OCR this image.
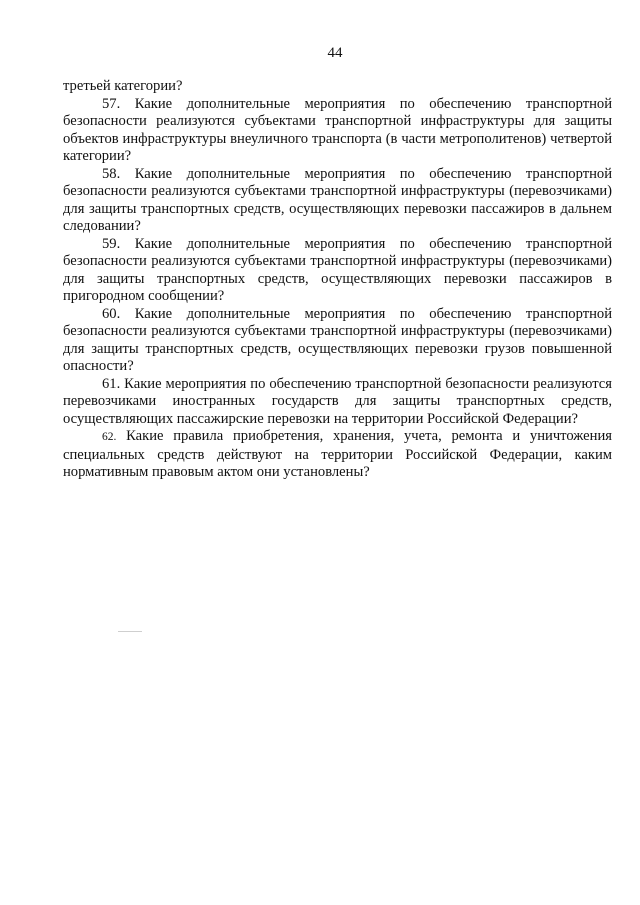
44

третьей категории?

57. Какие дополнительные мероприятия по обеспечению транспортной безопасности реализуются субъектами транспортной инфраструктуры для защиты объектов инфраструктуры внеуличного транспорта (в части метрополитенов) четвертой категории?

58. Какие дополнительные мероприятия по обеспечению транспортной безопасности реализуются субъектами транспортной инфраструктуры (перевозчиками) для защиты транспортных средств, осуществляющих перевозки пассажиров в дальнем следовании?

59. Какие дополнительные мероприятия по обеспечению транспортной безопасности реализуются субъектами транспортной инфраструктуры (перевозчиками) для защиты транспортных средств, осуществляющих перевозки пассажиров в пригородном сообщении?

60. Какие дополнительные мероприятия по обеспечению транспортной безопасности реализуются субъектами транспортной инфраструктуры (перевозчиками) для защиты транспортных средств, осуществляющих перевозки грузов повышенной опасности?

61. Какие мероприятия по обеспечению транспортной безопасности реализуются перевозчиками иностранных государств для защиты транспортных средств, осуществляющих пассажирские перевозки на территории Российской Федерации?

62. Какие правила приобретения, хранения, учета, ремонта и уничтожения специальных средств действуют на территории Российской Федерации, каким нормативным правовым актом они установлены?
